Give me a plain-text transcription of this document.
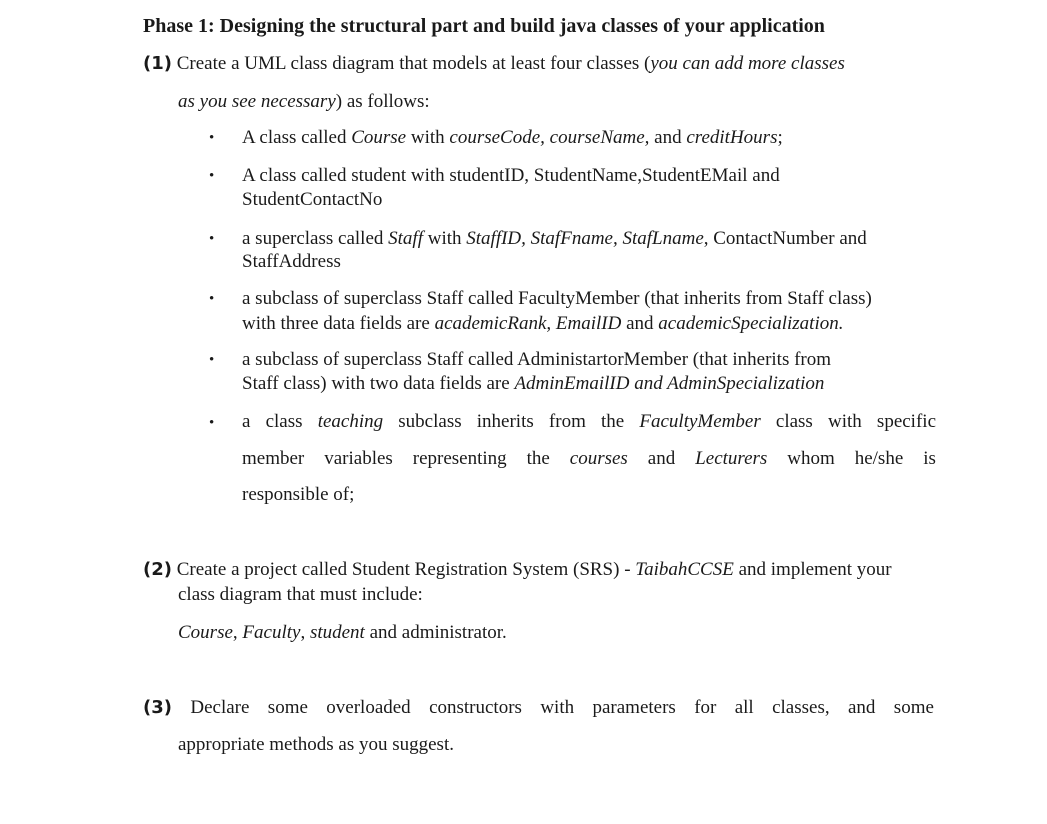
Phase 1: Designing the structural part and build java classes of your application
(1) Create a UML class diagram that models at least four classes (you can add more classes
as you see necessary) as follows:
• A class called Course with courseCode, courseName, and creditHours;
• A class called student with studentID, StudentName,StudentEMail and
StudentContactNo
• a superclass called Staff with StaffID, StafFname, StafLname, ContactNumber and
StaffAddress
• a subclass of superclass Staff called FacultyMember (that inherits from Staff class)
with three data fields are academicRank, EmailID and academicSpecialization.
• a subclass of superclass Staff called AdministartorMember (that inherits from
Staff class) with two data fields are AdminEmailID and AdminSpecialization
• a class teaching subclass inherits from the FacultyMember class with specific
member variables representing the courses and Lecturers whom he/she is
responsible of;
(2) Create a project called Student Registration System (SRS) - TaibahCCSE and implement your
class diagram that must include:
Course, Faculty, student and administrator.
(3) Declare some overloaded constructors with parameters for all classes, and some
appropriate methods as you suggest.
